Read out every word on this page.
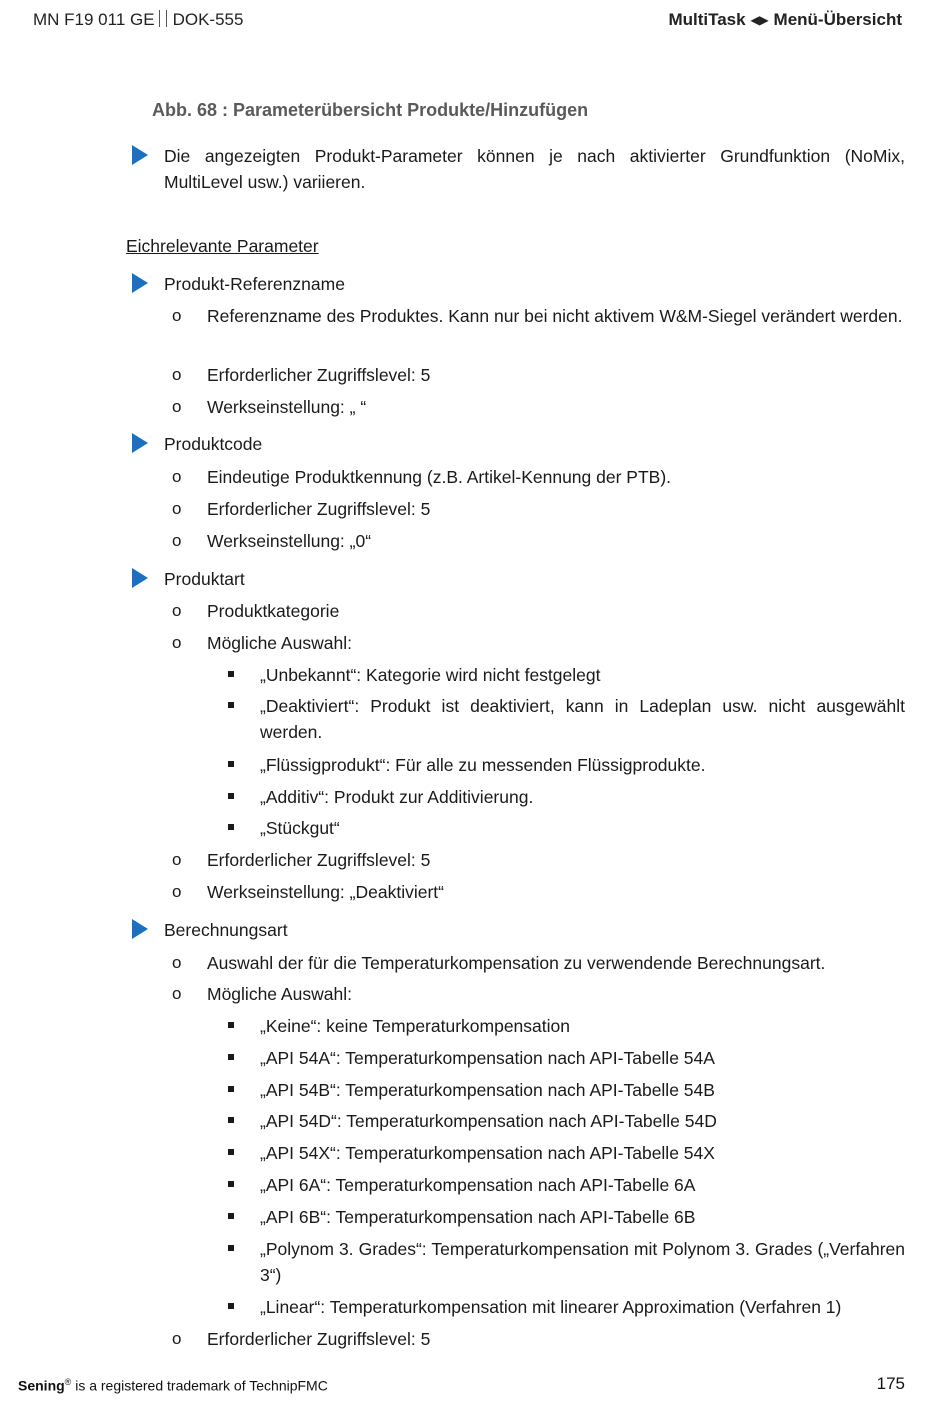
MN F19 011 GE DOK-555	MultiTask ◀▶ Menü-Übersicht
Abb. 68 : Parameterübersicht Produkte/Hinzufügen
Die angezeigten Produkt-Parameter können je nach aktivierter Grundfunktion (NoMix, MultiLevel usw.) variieren.
Eichrelevante Parameter
Produkt-Referenzname
o Referenzname des Produktes. Kann nur bei nicht aktivem W&M-Siegel verändert werden.
o Erforderlicher Zugriffslevel: 5
o Werkseinstellung: „ “
Produktcode
o Eindeutige Produktkennung (z.B. Artikel-Kennung der PTB).
o Erforderlicher Zugriffslevel: 5
o Werkseinstellung: „0“
Produktart
o Produktkategorie
o Mögliche Auswahl:
„Unbekannt“: Kategorie wird nicht festgelegt
„Deaktiviert“: Produkt ist deaktiviert, kann in Ladeplan usw. nicht ausgewählt werden.
„Flüssigprodukt“: Für alle zu messenden Flüssigprodukte.
„Additiv“: Produkt zur Additivierung.
„Stückgut“
o Erforderlicher Zugriffslevel: 5
o Werkseinstellung: „Deaktiviert“
Berechnungsart
o Auswahl der für die Temperaturkompensation zu verwendende Berechnungsart.
o Mögliche Auswahl:
„Keine“: keine Temperaturkompensation
„API 54A“: Temperaturkompensation nach API-Tabelle 54A
„API 54B“: Temperaturkompensation nach API-Tabelle 54B
„API 54D“: Temperaturkompensation nach API-Tabelle 54D
„API 54X“: Temperaturkompensation nach API-Tabelle 54X
„API 6A“: Temperaturkompensation nach API-Tabelle 6A
„API 6B“: Temperaturkompensation nach API-Tabelle 6B
„Polynom 3. Grades“: Temperaturkompensation mit Polynom 3. Grades („Verfahren 3“)
„Linear“: Temperaturkompensation mit linearer Approximation (Verfahren 1)
o Erforderlicher Zugriffslevel: 5
Sening® is a registered trademark of TechnipFMC	175
